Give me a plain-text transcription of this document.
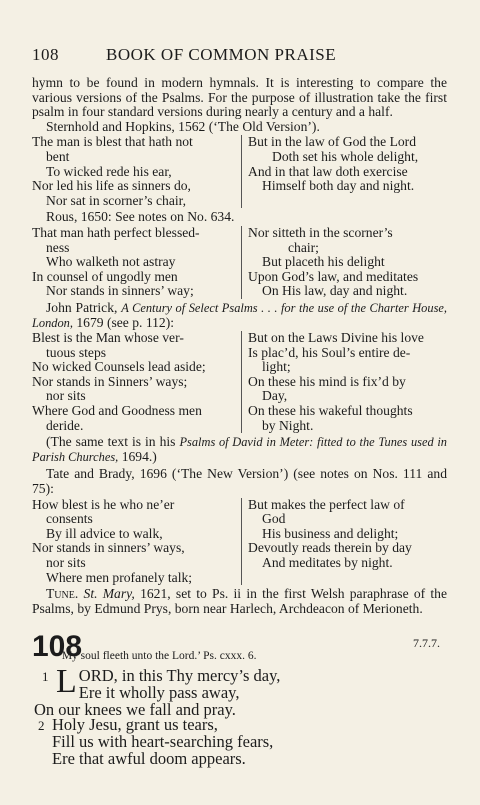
108	BOOK OF COMMON PRAISE

hymn to be found in modern hymnals. It is interesting to compare the various versions of the Psalms. For the purpose of illustration take the first psalm in four standard versions during nearly a century and a half.

Sternhold and Hopkins, 1562 (‘The Old Version’).

The man is blest that hath not
bent
To wicked rede his ear,
Nor led his life as sinners do,
Nor sat in scorner’s chair,
But in the law of God the Lord
Doth set his whole delight,
And in that law doth exercise
Himself both day and night.

Rous, 1650: See notes on No. 634.

That man hath perfect blessed-
ness
Who walketh not astray
In counsel of ungodly men
Nor stands in sinners’ way;
Nor sitteth in the scorner’s
chair;
But placeth his delight
Upon God’s law, and meditates
On His law, day and night.

John Patrick, A Century of Select Psalms . . . for the use of the Charter House, London, 1679 (see p. 112):

Blest is the Man whose ver-
tuous steps
No wicked Counsels lead aside;
Nor stands in Sinners’ ways;
nor sits
Where God and Goodness men
deride.
But on the Laws Divine his love
Is plac’d, his Soul’s entire de-
light;
On these his mind is fix’d by
Day,
On these his wakeful thoughts
by Night.

(The same text is in his Psalms of David in Meter: fitted to the Tunes used in Parish Churches, 1694.)

Tate and Brady, 1696 (‘The New Version’) (see notes on Nos. 111 and 75):

How blest is he who ne’er
consents
By ill advice to walk,
Nor stands in sinners’ ways,
nor sits
Where men profanely talk;
But makes the perfect law of
God
His business and delight;
Devoutly reads therein by day
And meditates by night.

Tune. St. Mary, 1621, set to Ps. ii in the first Welsh paraphrase of the Psalms, by Edmund Prys, born near Harlech, Archdeacon of Merioneth.

108	7.7.7.
‘My soul fleeth unto the Lord.’ Ps. cxxx. 6.
1 L ORD, in this Thy mercy’s day,
Ere it wholly pass away,
On our knees we fall and pray.
2 Holy Jesu, grant us tears,
Fill us with heart-searching fears,
Ere that awful doom appears.
